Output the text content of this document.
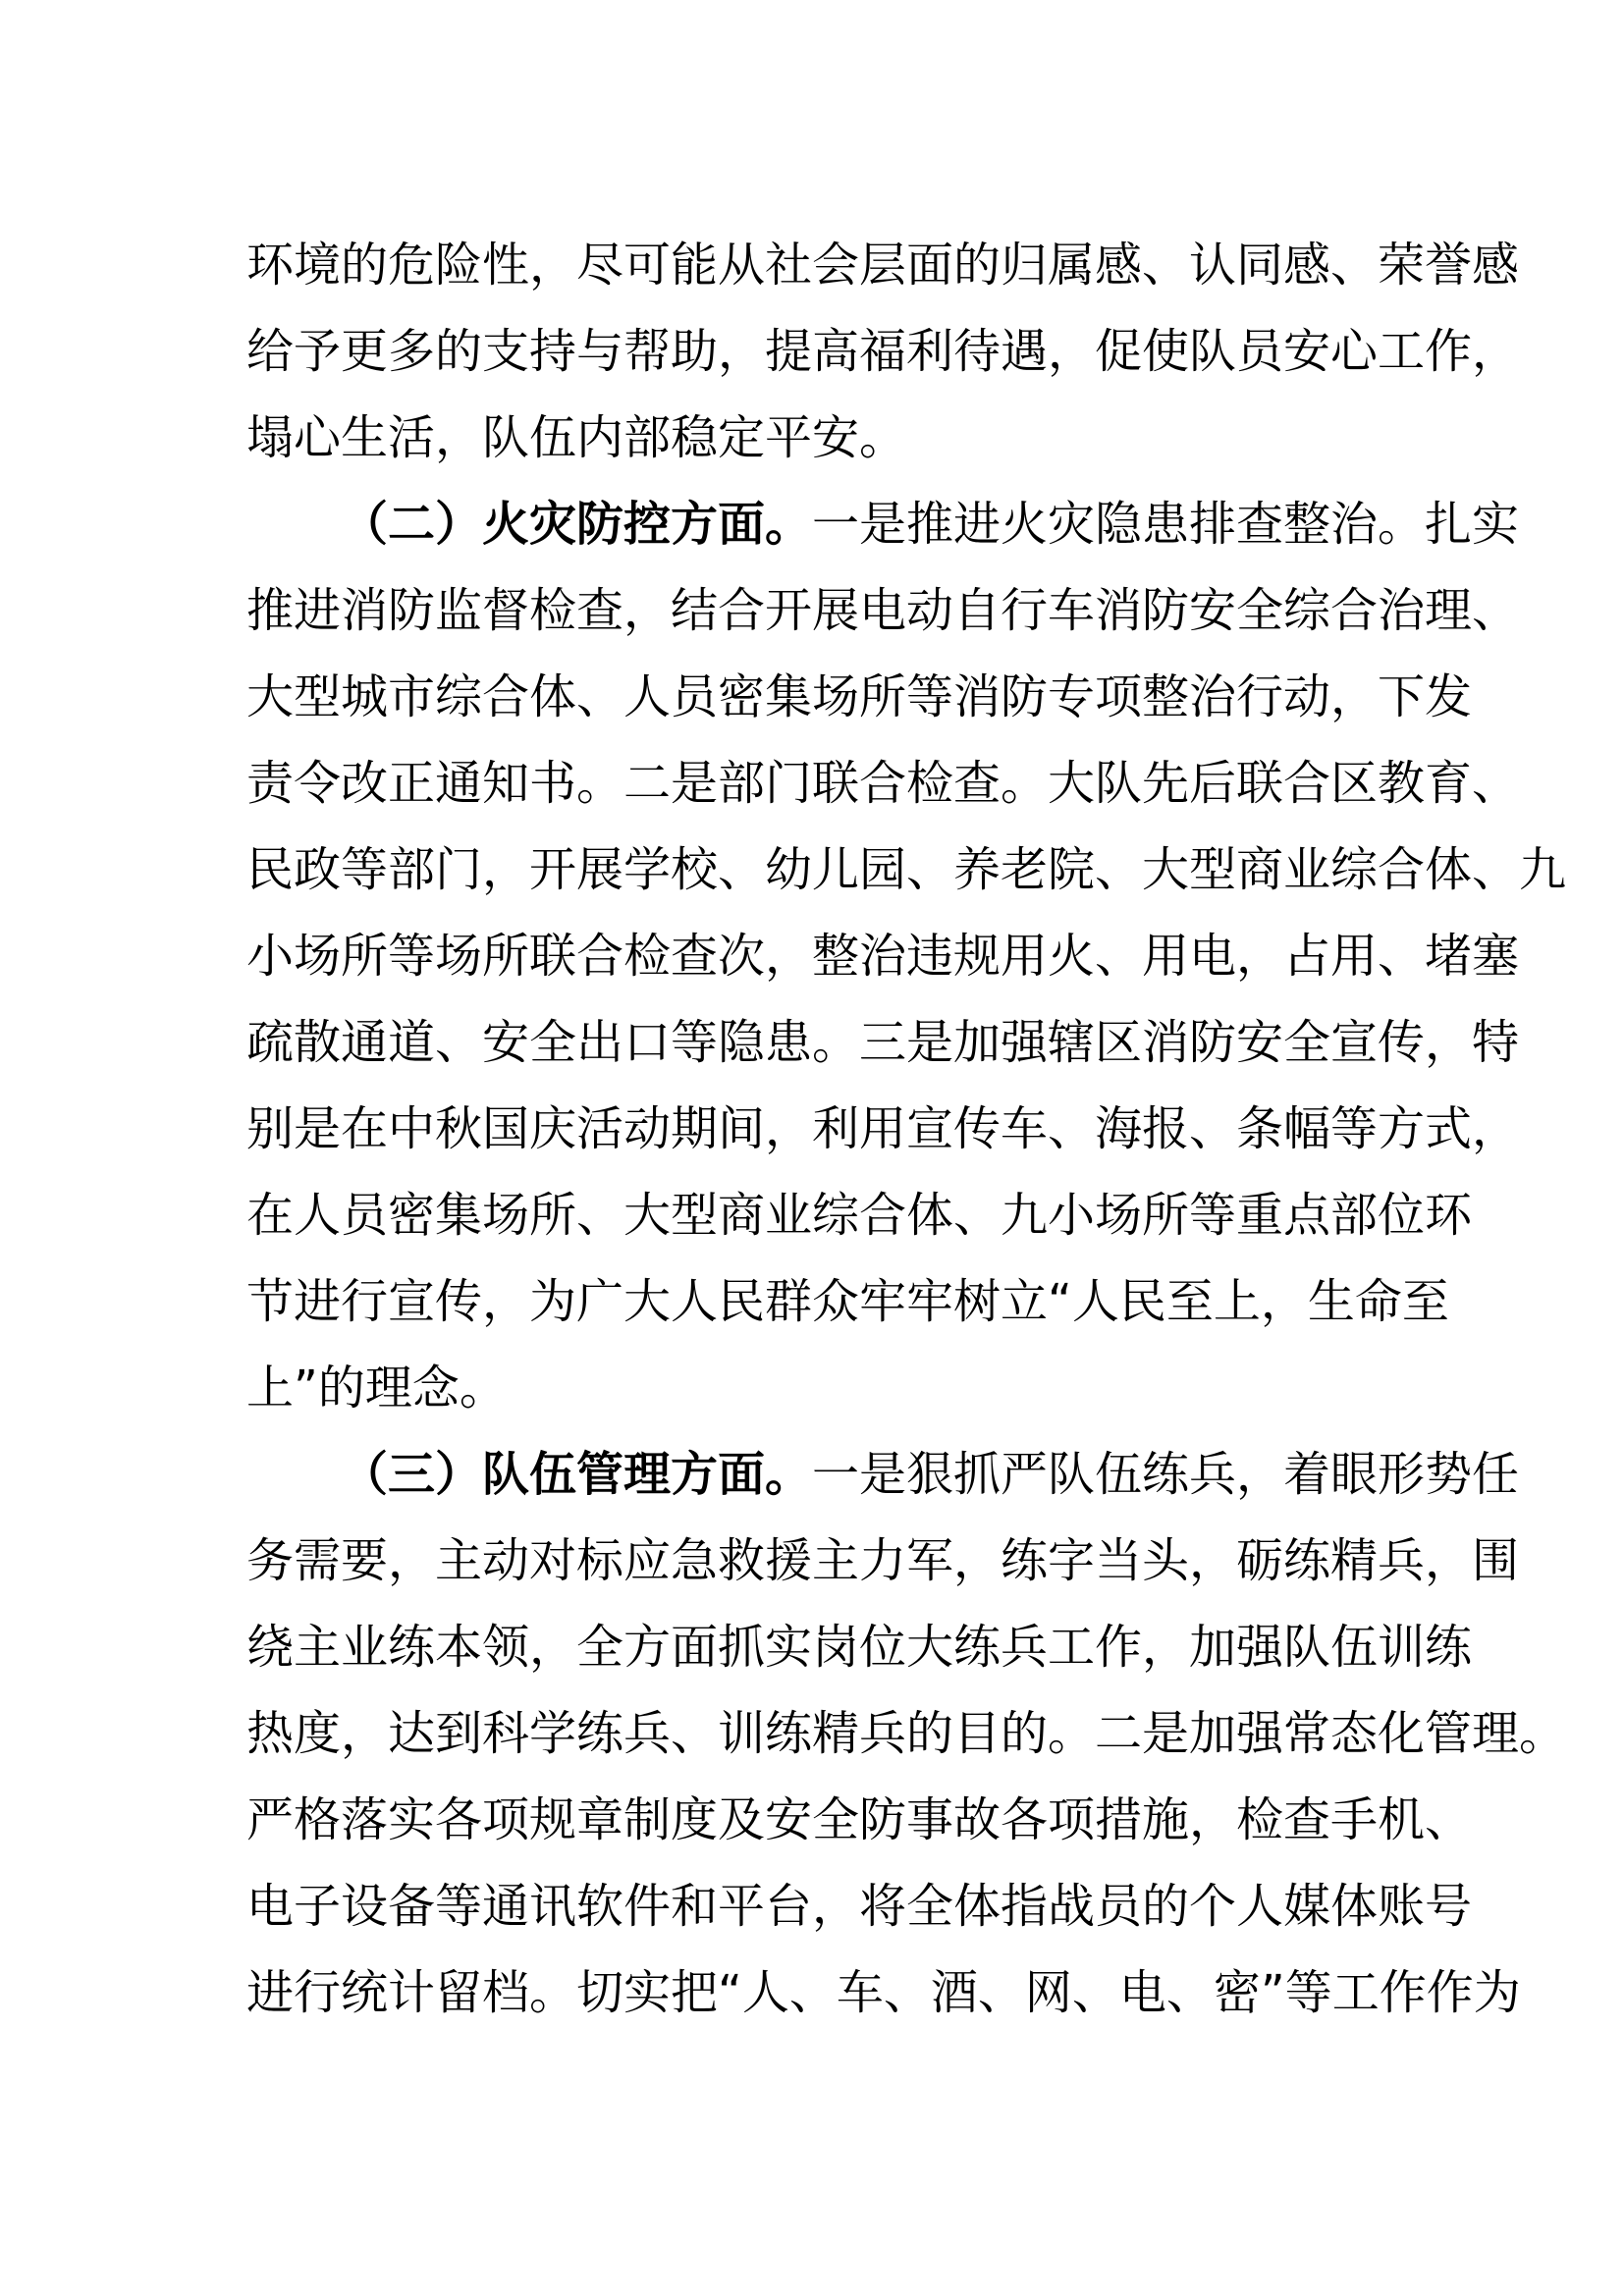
环境的危险性，尽可能从社会层面的归属感、认同感、荣誉感
给予更多的支持与帮助，提高福利待遇，促使队员安心工作，
塌心生活，队伍内部稳定平安。
（二）火灾防控方面。一是推进火灾隐患排查整治。扎实
推进消防监督检查，结合开展电动自行车消防安全综合治理、
大型城市综合体、人员密集场所等消防专项整治行动，下发
责令改正通知书。二是部门联合检查。大队先后联合区教育、
民政等部门，开展学校、幼儿园、养老院、大型商业综合体、九
小场所等场所联合检查次，整治违规用火、用电，占用、堵塞
疏散通道、安全出口等隐患。三是加强辖区消防安全宣传，特
别是在中秋国庆活动期间，利用宣传车、海报、条幅等方式，
在人员密集场所、大型商业综合体、九小场所等重点部位环
节进行宣传，为广大人民群众牢牢树立“人民至上，生命至
上”的理念。
（三）队伍管理方面。一是狠抓严队伍练兵，着眼形势任
务需要，主动对标应急救援主力军，练字当头，砺练精兵，围
绕主业练本领，全方面抓实岗位大练兵工作，加强队伍训练
热度，达到科学练兵、训练精兵的目的。二是加强常态化管理。
严格落实各项规章制度及安全防事故各项措施，检查手机、
电子设备等通讯软件和平台，将全体指战员的个人媒体账号
进行统计留档。切实把“人、车、酒、网、电、密”等工作作为
